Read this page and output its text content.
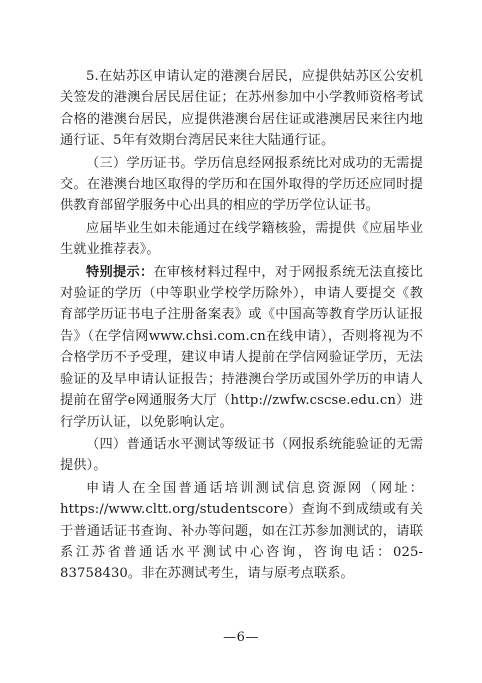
5.在姑苏区申请认定的港澳台居民，应提供姑苏区公安机关签发的港澳台居民居住证；在苏州参加中小学教师资格考试合格的港澳台居民，应提供港澳台居住证或港澳居民来往内地通行证、5年有效期台湾居民来往大陆通行证。

（三）学历证书。学历信息经网报系统比对成功的无需提交。在港澳台地区取得的学历和在国外取得的学历还应同时提供教育部留学服务中心出具的相应的学历学位认证书。

应届毕业生如未能通过在线学籍核验，需提供《应届毕业生就业推荐表》。

特别提示：在审核材料过程中，对于网报系统无法直接比对验证的学历（中等职业学校学历除外），申请人要提交《教育部学历证书电子注册备案表》或《中国高等教育学历认证报告》（在学信网www.chsi.com.cn在线申请），否则将视为不合格学历不予受理，建议申请人提前在学信网验证学历，无法验证的及早申请认证报告；持港澳台学历或国外学历的申请人提前在留学e网通服务大厅（http://zwfw.cscse.edu.cn）进行学历认证，以免影响认定。

（四）普通话水平测试等级证书（网报系统能验证的无需提供）。

申请人在全国普通话培训测试信息资源网（网址：https://www.cltt.org/studentscore）查询不到成绩或有关于普通话证书查询、补办等问题，如在江苏参加测试的，请联系江苏省普通话水平测试中心咨询，咨询电话：025-83758430。非在苏测试考生，请与原考点联系。

—6—
